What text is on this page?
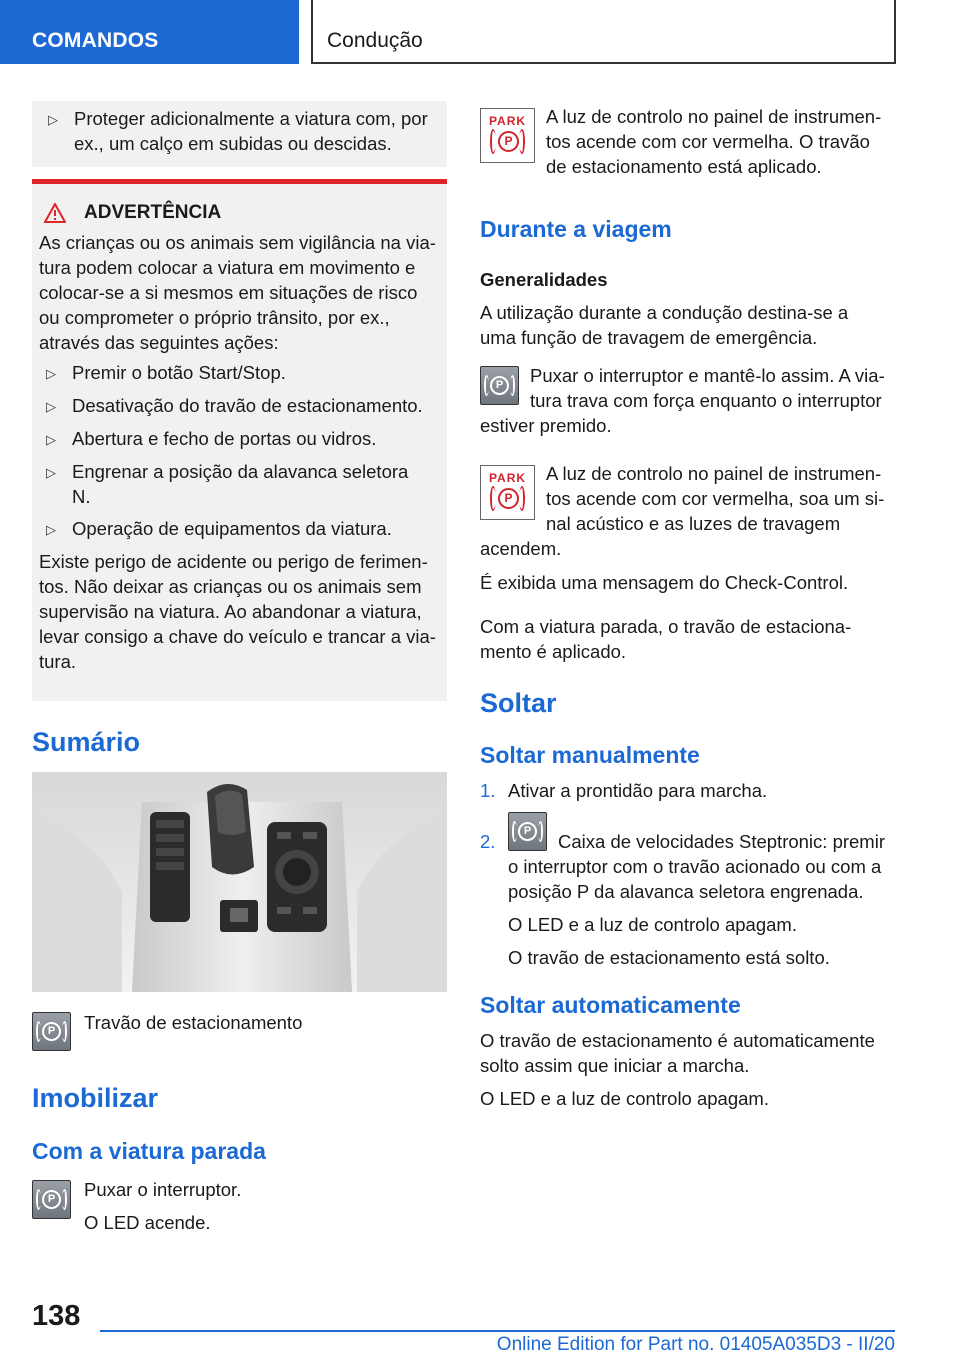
COMANDOS	Condução
▷ Proteger adicionalmente a viatura com, por ex., um calço em subidas ou descidas.
ADVERTÊNCIA

As crianças ou os animais sem vigilância na via-
tura podem colocar a viatura em movimento e
colocar-se a si mesmos em situações de risco
ou comprometer o próprio trânsito, por ex.,
através das seguintes ações:

▷ Premir o botão Start/Stop.
▷ Desativação do travão de estacionamento.
▷ Abertura e fecho de portas ou vidros.
▷ Engrenar a posição da alavanca seletora N.
▷ Operação de equipamentos da viatura.

Existe perigo de acidente ou perigo de ferimen-
tos. Não deixar as crianças ou os animais sem
supervisão na viatura. Ao abandonar a viatura,
levar consigo a chave do veículo e trancar a via-
tura.

Sumário
P	Travão de estacionamento

Imobilizar
Com a viatura parada
P	Puxar o interruptor.
O LED acende.

PARK
P

A luz de controlo no painel de instrumen-
tos acende com cor vermelha. O travão
de estacionamento está aplicado.

Durante a viagem
Generalidades

A utilização durante a condução destina-se a
uma função de travagem de emergência.

P	Puxar o interruptor e mantê-lo assim. A via-
tura trava com força enquanto o interruptor
estiver premido.

PARK
P

A luz de controlo no painel de instrumen-
tos acende com cor vermelha, soa um si-
nal acústico e as luzes de travagem
acendem.

É exibida uma mensagem do Check-Control.

Com a viatura parada, o travão de estaciona-
mento é aplicado.

Soltar
Soltar manualmente

1. Ativar a prontidão para marcha.

P

2.	Caixa de velocidades Steptronic: premir
o interruptor com o travão acionado ou com a
posição P da alavanca seletora engrenada.

O LED e a luz de controlo apagam.

O travão de estacionamento está solto.

Soltar automaticamente

O travão de estacionamento é automaticamente
solto assim que iniciar a marcha.

O LED e a luz de controlo apagam.

138
Online Edition for Part no. 01405A035D3 - II/20
